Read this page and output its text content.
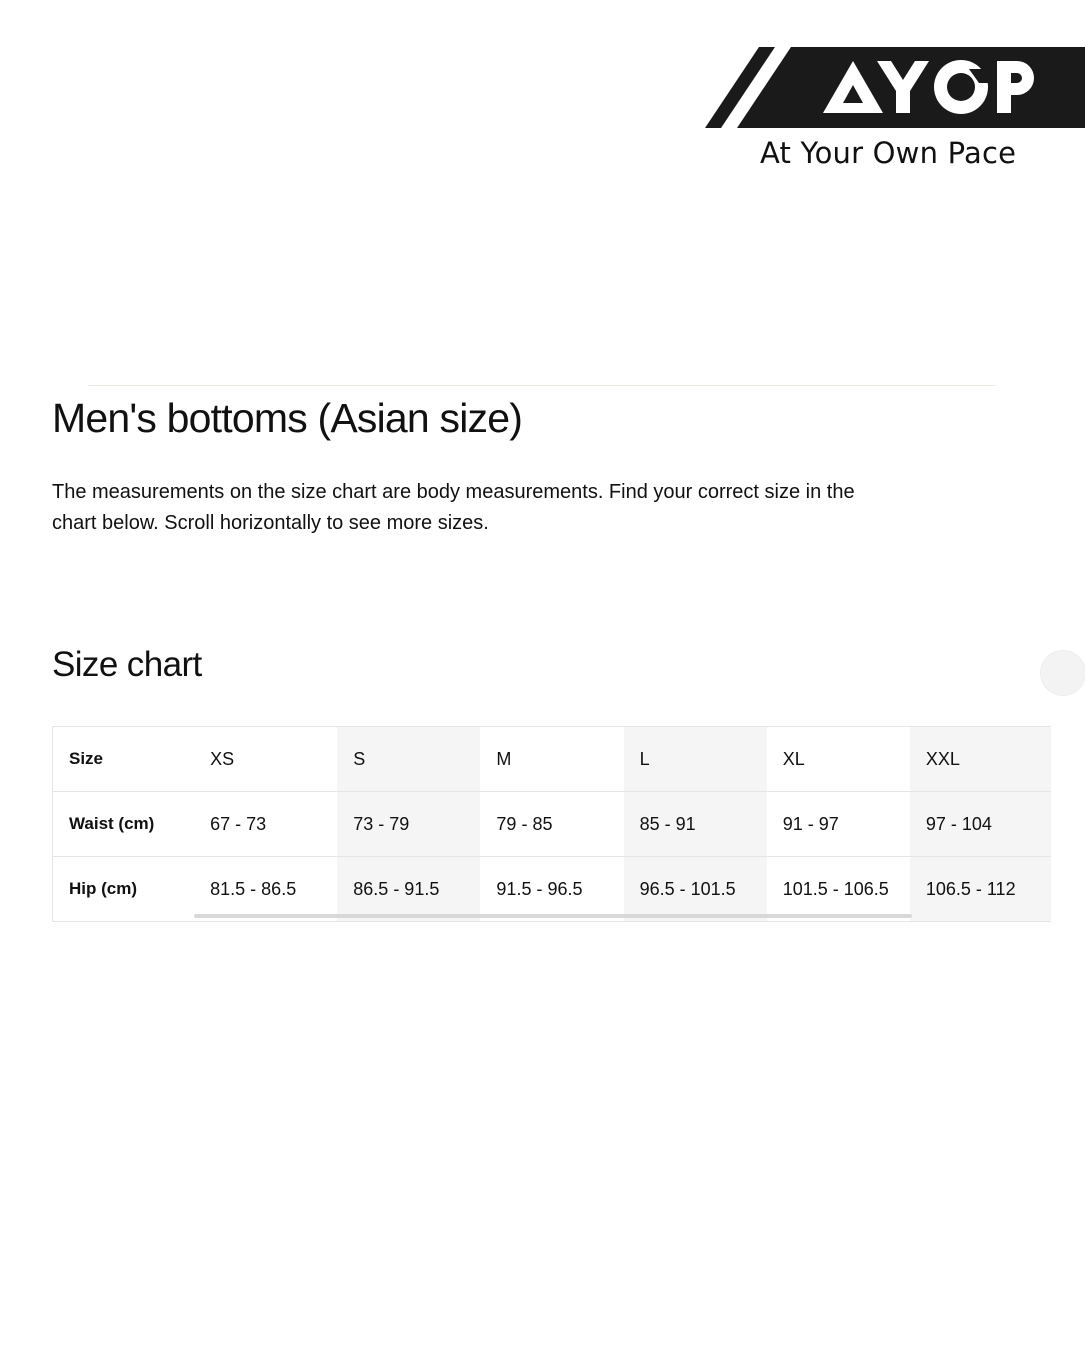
At Your Own Pace
Men's bottoms (Asian size)

The measurements on the size chart are body measurements. Find your correct size in the chart below. Scroll horizontally to see more sizes.

Size chart
Size	XS	S	M	L	XL	XXL
Waist (cm)	67 - 73	73 - 79	79 - 85	85 - 91	91 - 97	97 - 104
Hip (cm)	81.5 - 86.5	86.5 - 91.5	91.5 - 96.5	96.5 - 101.5	101.5 - 106.5	106.5 - 112
